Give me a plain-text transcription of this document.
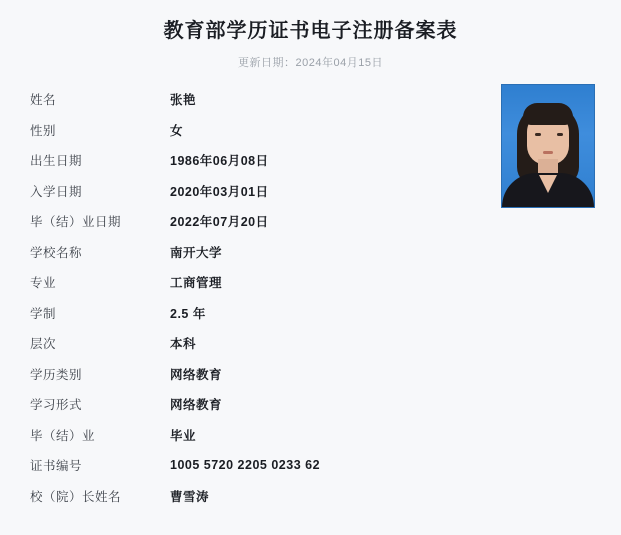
教育部学历证书电子注册备案表
更新日期：2024年04月15日
姓名	张艳
性别	女
出生日期	1986年06月08日
入学日期	2020年03月01日
毕（结）业日期	2022年07月20日
学校名称	南开大学
专业	工商管理
学制	2.5 年
层次	本科
学历类别	网络教育
学习形式	网络教育
毕（结）业	毕业
证书编号	1005 5720 2205 0233 62
校（院）长姓名	曹雪涛
